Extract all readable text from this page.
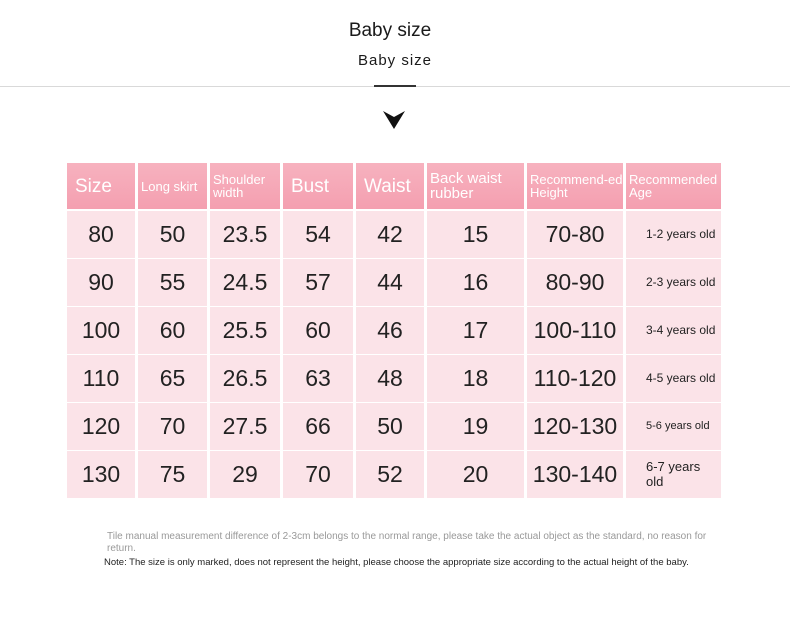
Baby size
Baby size
Size	Long skirt	Shoulder width	Bust	Waist	Back waist rubber	Recommend-ed Height	Recommended Age
80	50	23.5	54	42	15	70-80	1-2 years old
90	55	24.5	57	44	16	80-90	2-3 years old
100	60	25.5	60	46	17	100-110	3-4 years old
110	65	26.5	63	48	18	110-120	4-5 years old
120	70	27.5	66	50	19	120-130	5-6 years old
130	75	29	70	52	20	130-140	6-7 years old
Tile manual measurement difference of 2-3cm belongs to the normal range, please take the actual object as the standard, no reason for return.
Note: The size is only marked, does not represent the height, please choose the appropriate size according to the actual height of the baby.
